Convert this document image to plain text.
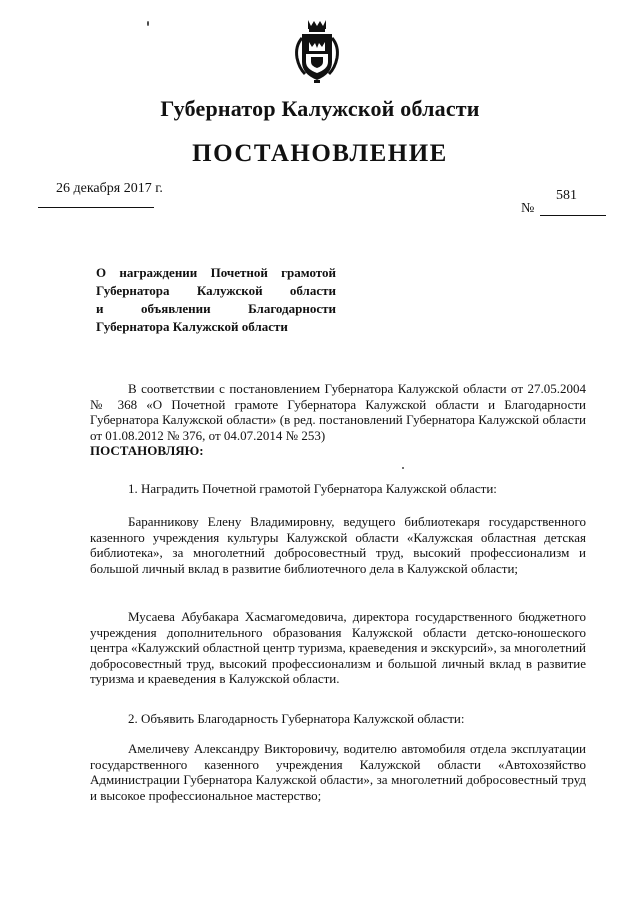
Губернатор Калужской области
ПОСТАНОВЛЕНИЕ
26 декабря 2017 г.	581
№
О награждении Почетной грамотой
Губернатора Калужской области
и объявлении Благодарности
Губернатора Калужской области
В соответствии с постановлением Губернатора Калужской области от 27.05.2004 № 368 «О Почетной грамоте Губернатора Калужской области и Благодарности Губернатора Калужской области» (в ред. постановлений Губернатора Калужской области от 01.08.2012 № 376, от 04.07.2014 № 253)
ПОСТАНОВЛЯЮ:
1. Наградить Почетной грамотой Губернатора Калужской области:
Баранникову Елену Владимировну, ведущего библиотекаря государственного казенного учреждения культуры Калужской области «Калужская областная детская библиотека», за многолетний добросовестный труд, высокий профессионализм и большой личный вклад в развитие библиотечного дела в Калужской области;
Мусаева Абубакара Хасмагомедовича, директора государственного бюджетного учреждения дополнительного образования Калужской области детско-юношеского центра «Калужский областной центр туризма, краеведения и экскурсий», за многолетний добросовестный труд, высокий профессионализм и большой личный вклад в развитие туризма и краеведения в Калужской области.
2. Объявить Благодарность Губернатора Калужской области:
Амеличеву Александру Викторовичу, водителю автомобиля отдела эксплуатации государственного казенного учреждения Калужской области «Автохозяйство Администрации Губернатора Калужской области», за многолетний добросовестный труд и высокое профессиональное мастерство;
